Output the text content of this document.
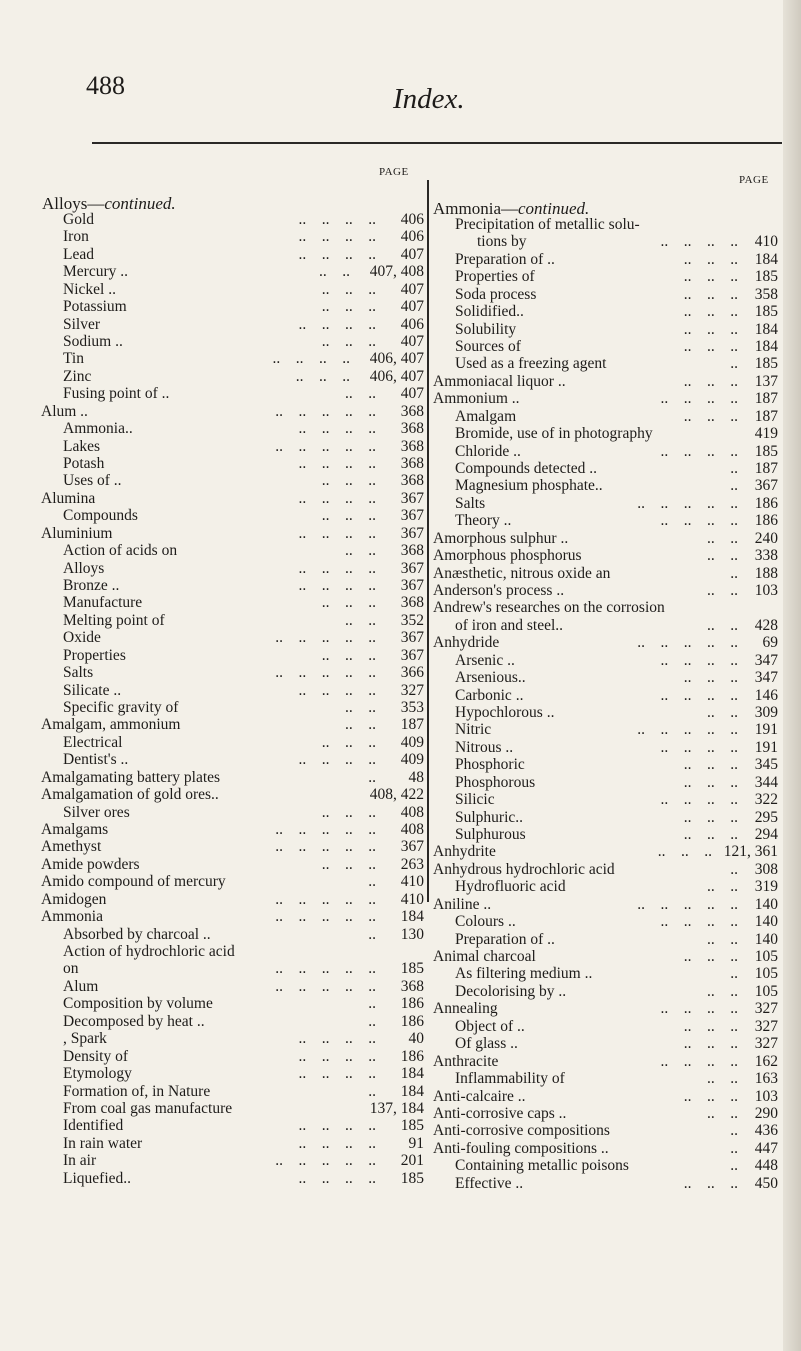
488	Index.
PAGE
Alloys—continued.
PAGE
Ammonia—continued.
Gold	..    ..    ..    .. 406
Iron	..    ..    ..    .. 406
Lead	..    ..    ..    .. 407
Mercury ..	..    .. 407, 408
Nickel ..	..    ..    .. 407
Potassium	..    ..    .. 407
Silver	..    ..    ..    .. 406
Sodium ..	..    ..    .. 407
Tin	..    ..    ..    .. 406, 407
Zinc	..    ..    .. 406, 407
Fusing point of ..	..    .. 407
Alum ..	..    ..    ..    ..    .. 368
Ammonia..	..    ..    ..    .. 368
Lakes	..    ..    ..    ..    .. 368
Potash	..    ..    ..    .. 368
Uses of ..	..    ..    .. 368
Alumina	..    ..    ..    .. 367
Compounds	..    ..    .. 367
Aluminium	..    ..    ..    .. 367
Action of acids on	..    .. 368
Alloys	..    ..    ..    .. 367
Bronze ..	..    ..    ..    .. 367
Manufacture	..    ..    .. 368
Melting point of	..    .. 352
Oxide	..    ..    ..    ..    .. 367
Properties	..    ..    .. 367
Salts	..    ..    ..    ..    .. 366
Silicate ..	..    ..    ..    .. 327
Specific gravity of	..    .. 353
Amalgam, ammonium	..    .. 187
Electrical	..    ..    .. 409
Dentist's ..	..    ..    ..    .. 409
Amalgamating battery plates	.. 48
Amalgamation of gold ores..	408, 422
Silver ores	..    ..    .. 408
Amalgams	..    ..    ..    ..    .. 408
Amethyst	..    ..    ..    ..    .. 367
Amide powders	..    ..    .. 263
Amido compound of mercury	.. 410
Amidogen	..    ..    ..    ..    .. 410
Ammonia	..    ..    ..    ..    .. 184
Absorbed by charcoal ..	.. 130
Action of hydrochloric acid
on	..    ..    ..    ..    .. 185
Alum	..    ..    ..    ..    .. 368
Composition by volume	.. 186
Decomposed by heat ..	.. 186
, Spark	..    ..    ..    .. 40
Density of	..    ..    ..    .. 186
Etymology	..    ..    ..    .. 184
Formation of, in Nature	.. 184
From coal gas manufacture	137, 184
Identified	..    ..    ..    .. 185
In rain water	..    ..    ..    .. 91
In air	..    ..    ..    ..    .. 201
Liquefied..	..    ..    ..    .. 185
Precipitation of metallic solu-
tions by	..    ..    ..    .. 410
Preparation of ..	..    ..    .. 184
Properties of	..    ..    .. 185
Soda process	..    ..    .. 358
Solidified..	..    ..    .. 185
Solubility	..    ..    .. 184
Sources of	..    ..    .. 184
Used as a freezing agent	.. 185
Ammoniacal liquor ..	..    ..    .. 137
Ammonium ..	..    ..    ..    .. 187
Amalgam	..    ..    .. 187
Bromide, use of in photography	419
Chloride ..	..    ..    ..    .. 185
Compounds detected ..	.. 187
Magnesium phosphate..	.. 367
Salts	..    ..    ..    ..    .. 186
Theory ..	..    ..    ..    .. 186
Amorphous sulphur ..	..    .. 240
Amorphous phosphorus	..    .. 338
Anæsthetic, nitrous oxide an	.. 188
Anderson's process ..	..    .. 103
Andrew's researches on the corrosion
of iron and steel..	..    .. 428
Anhydride	..    ..    ..    ..    .. 69
Arsenic ..	..    ..    ..    .. 347
Arsenious..	..    ..    .. 347
Carbonic ..	..    ..    ..    .. 146
Hypochlorous ..	..    .. 309
Nitric	..    ..    ..    ..    .. 191
Nitrous ..	..    ..    ..    .. 191
Phosphoric	..    ..    .. 345
Phosphorous	..    ..    .. 344
Silicic	..    ..    ..    .. 322
Sulphuric..	..    ..    .. 295
Sulphurous	..    ..    .. 294
Anhydrite	..    ..    .. 121, 361
Anhydrous hydrochloric acid	.. 308
Hydrofluoric acid	..    .. 319
Aniline ..	..    ..    ..    ..    .. 140
Colours ..	..    ..    ..    .. 140
Preparation of ..	..    .. 140
Animal charcoal	..    ..    .. 105
As filtering medium ..	.. 105
Decolorising by ..	..    .. 105
Annealing	..    ..    ..    .. 327
Object of ..	..    ..    .. 327
Of glass ..	..    ..    .. 327
Anthracite	..    ..    ..    .. 162
Inflammability of	..    .. 163
Anti-calcaire ..	..    ..    .. 103
Anti-corrosive caps ..	..    .. 290
Anti-corrosive compositions	.. 436
Anti-fouling compositions ..	.. 447
Containing metallic poisons	.. 448
Effective ..	..    ..    .. 450
